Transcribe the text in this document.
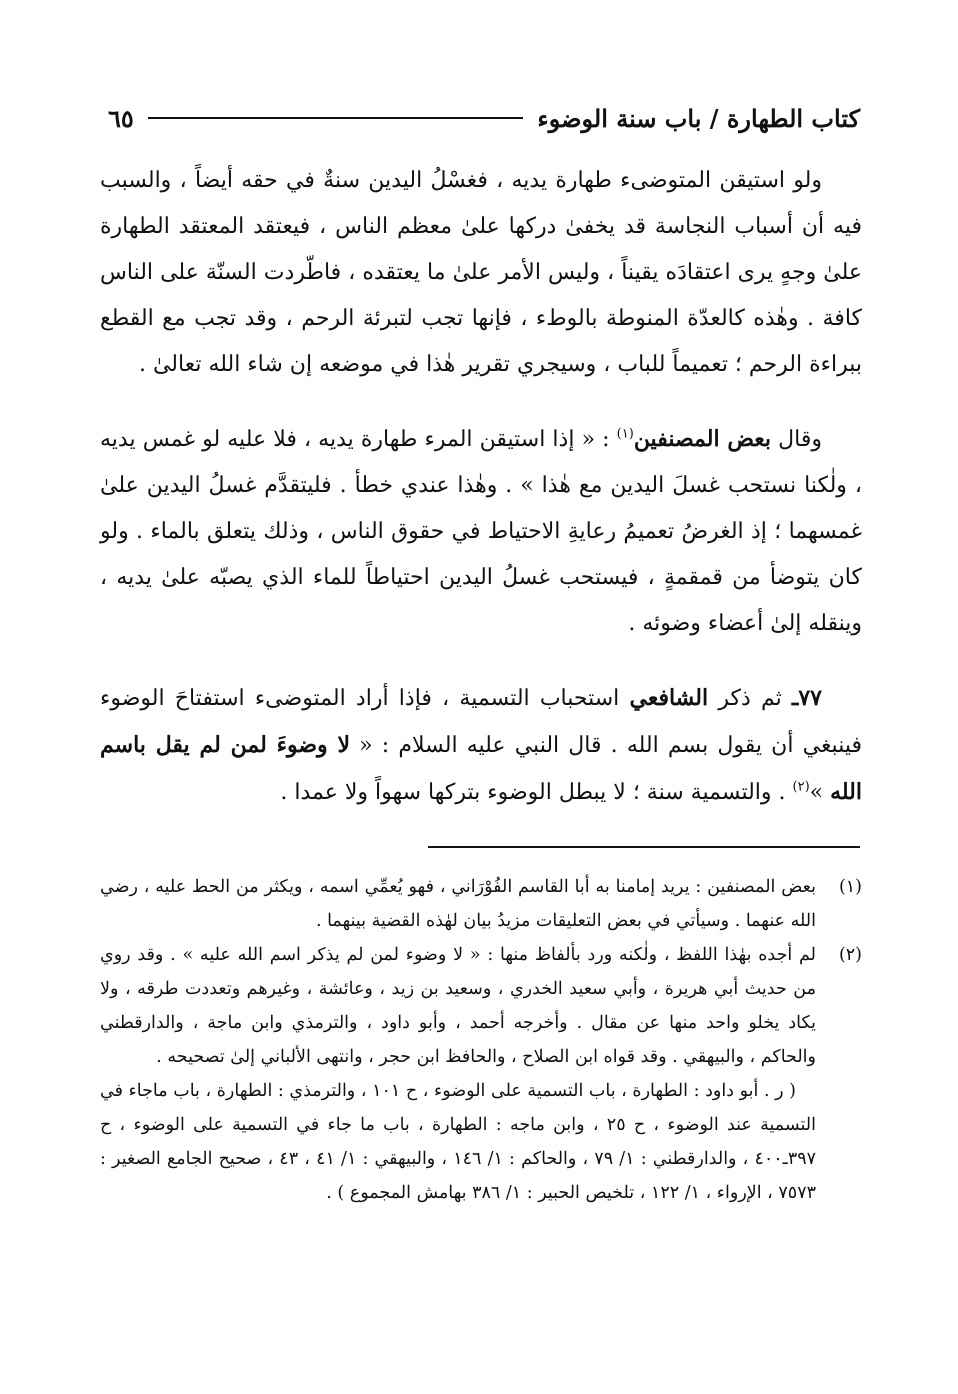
كتاب الطهارة / باب سنة الوضوء
٦٥

ولو استيقن المتوضىء طهارة يديه ، فغسْلُ اليدين سنةٌ في حقه أيضاً ، والسبب فيه أن أسباب النجاسة قد يخفىٰ دركها علىٰ معظم الناس ، فيعتقد المعتقد الطهارة علىٰ وجهٍ يرى اعتقادَه يقيناً ، وليس الأمر علىٰ ما يعتقده ، فاطّردت السنّة على الناس كافة . وهٰذه كالعدّة المنوطة بالوطء ، فإنها تجب لتبرئة الرحم ، وقد تجب مع القطع ببراءة الرحم ؛ تعميماً للباب ، وسيجري تقرير هٰذا في موضعه إن شاء الله تعالىٰ .

وقال بعض المصنفين$^{(١)}$ : « إذا استيقن المرء طهارة يديه ، فلا عليه لو غمس يديه ، ولٰكنا نستحب غسلَ اليدين مع هٰذا » . وهٰذا عندي خطأ . فليتقدَّم غسلُ اليدين علىٰ غمسهما ؛ إذ الغرضُ تعميمُ رعايةِ الاحتياط في حقوق الناس ، وذلك يتعلق بالماء . ولو كان يتوضأ من قمقمةٍ ، فيستحب غسلُ اليدين احتياطاً للماء الذي يصبّه علىٰ يديه ، وينقله إلىٰ أعضاء وضوئه .

٧٧ـ ثم ذكر الشافعي استحباب التسمية ، فإذا أراد المتوضىء استفتاحَ الوضوء فينبغي أن يقول بسم الله . قال النبي عليه السلام : « لا وضوءَ لمن لم يقل باسم الله »$^{(٢)}$ . والتسمية سنة ؛ لا يبطل الوضوء بتركها سهواً ولا عمدا .

(١)
بعض المصنفين : يريد إمامنا به أبا القاسم الفُوْرَاني ، فهو يُعمِّي اسمه ، ويكثر من الحط عليه ، رضي الله عنهما . وسيأتي في بعض التعليقات مزيدُ بيان لهٰذه القضية بينهما .
(٢)
لم أجده بهٰذا اللفظ ، ولٰكنه ورد بألفاظ منها : « لا وضوء لمن لم يذكر اسم الله عليه » . وقد روي من حديث أبي هريرة ، وأبي سعيد الخدري ، وسعيد بن زيد ، وعائشة ، وغيرهم وتعددت طرقه ، ولا يكاد يخلو واحد منها عن مقال . وأخرجه أحمد ، وأبو داود ، والترمذي وابن ماجة ، والدارقطني والحاكم ، والبيهقي . وقد قواه ابن الصلاح ، والحافظ ابن حجر ، وانتهى الألباني إلىٰ تصحيحه .

( ر . أبو داود : الطهارة ، باب التسمية على الوضوء ، ح ١٠١ ، والترمذي : الطهارة ، باب ماجاء في التسمية عند الوضوء ، ح ٢٥ ، وابن ماجه : الطهارة ، باب ما جاء في التسمية على الوضوء ، ح ٣٩٧ـ٤٠٠ ، والدارقطني : ١/ ٧٩ ، والحاكم : ١/ ١٤٦ ، والبيهقي : ١/ ٤١ ، ٤٣ ، صحيح الجامع الصغير : ٧٥٧٣ ، الإرواء ، ١/ ١٢٢ ، تلخيص الحبير : ١/ ٣٨٦ بهامش المجموع ) .
